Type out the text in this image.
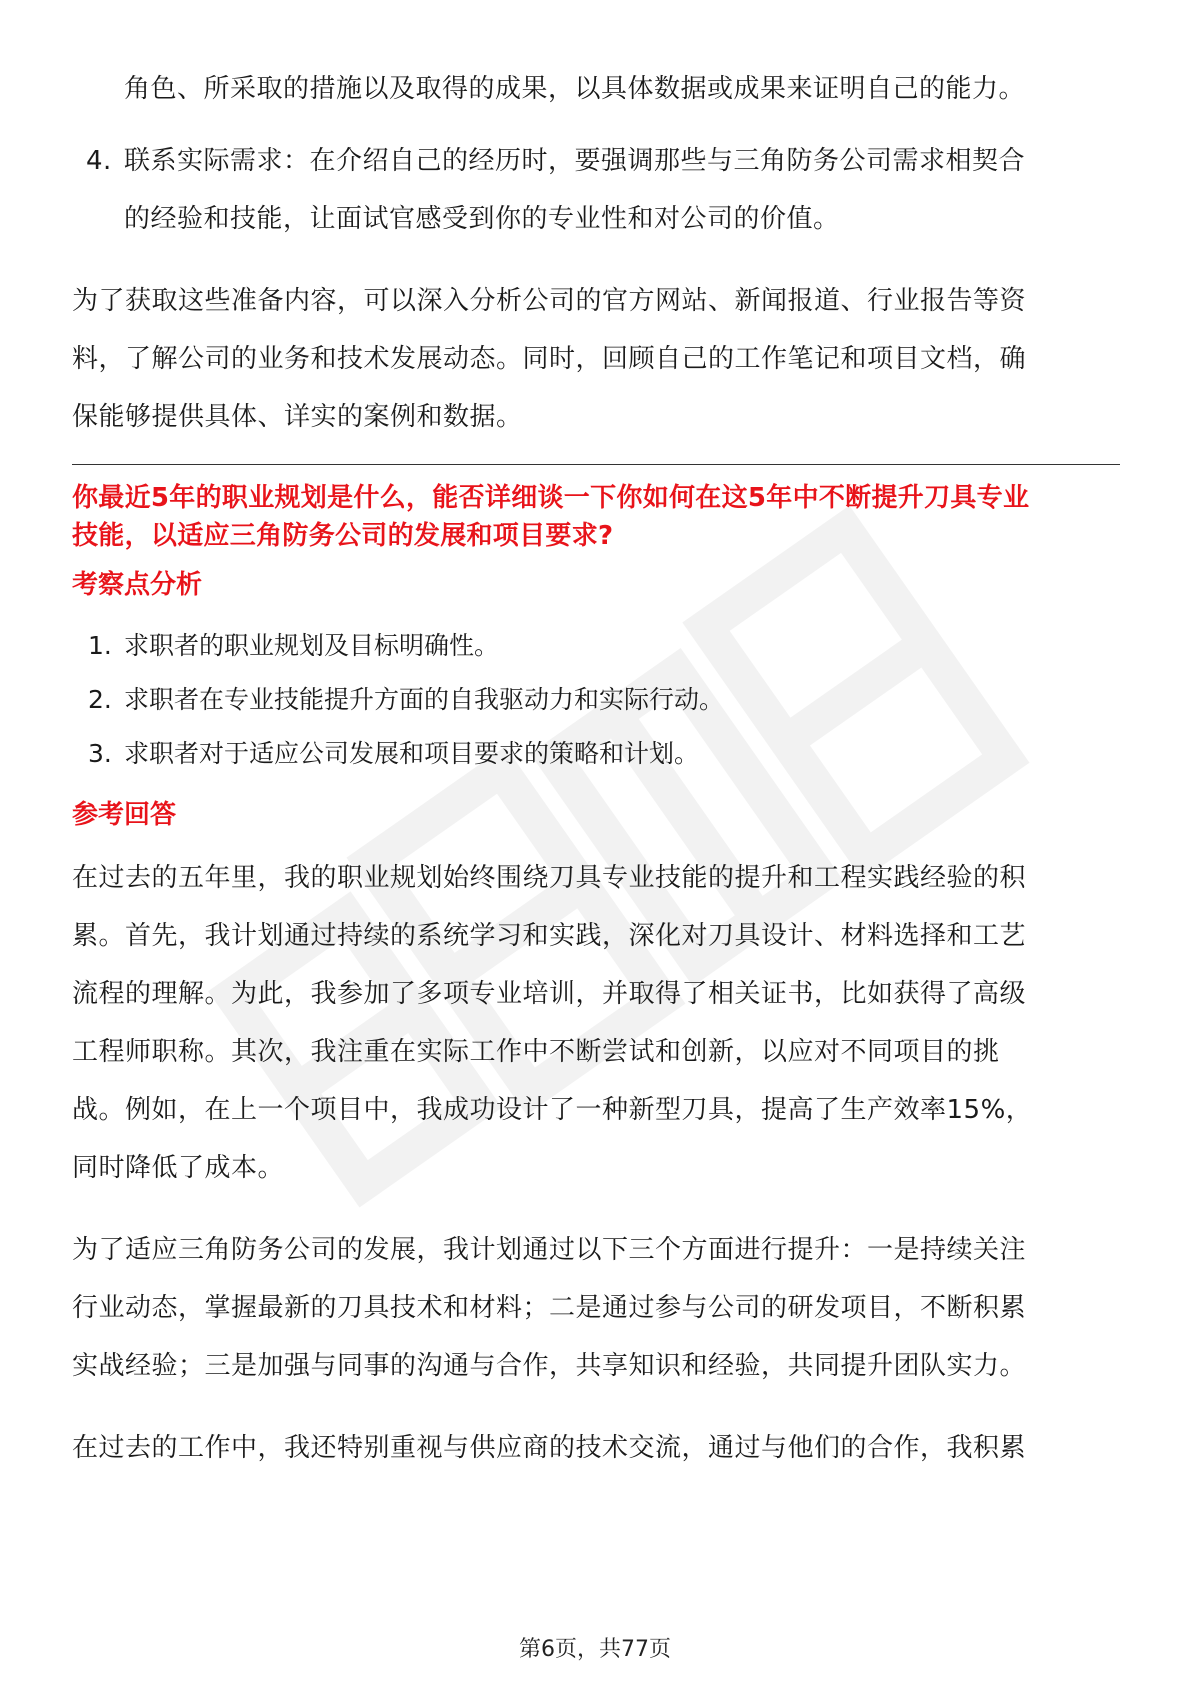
角色、所采取的措施以及取得的成果，以具体数据或成果来证明自己的能力。

4. 联系实际需求：在介绍自己的经历时，要强调那些与三角防务公司需求相契合

的经验和技能，让面试官感受到你的专业性和对公司的价值。

为了获取这些准备内容，可以深入分析公司的官方网站、新闻报道、行业报告等资

料，了解公司的业务和技术发展动态。同时，回顾自己的工作笔记和项目文档，确

保能够提供具体、详实的案例和数据。

你最近5年的职业规划是什么，能否详细谈一下你如何在这5年中不断提升刀具专业

技能，以适应三角防务公司的发展和项目要求?

考察点分析

1. 求职者的职业规划及目标明确性。

2. 求职者在专业技能提升方面的自我驱动力和实际行动。

3. 求职者对于适应公司发展和项目要求的策略和计划。

参考回答

在过去的五年里，我的职业规划始终围绕刀具专业技能的提升和工程实践经验的积

累。首先，我计划通过持续的系统学习和实践，深化对刀具设计、材料选择和工艺

流程的理解。为此，我参加了多项专业培训，并取得了相关证书，比如获得了高级

工程师职称。其次，我注重在实际工作中不断尝试和创新，以应对不同项目的挑

战。例如，在上一个项目中，我成功设计了一种新型刀具，提高了生产效率15%，

同时降低了成本。

为了适应三角防务公司的发展，我计划通过以下三个方面进行提升：一是持续关注

行业动态，掌握最新的刀具技术和材料；二是通过参与公司的研发项目，不断积累

实战经验；三是加强与同事的沟通与合作，共享知识和经验，共同提升团队实力。

在过去的工作中，我还特别重视与供应商的技术交流，通过与他们的合作，我积累

第6页，共77页
